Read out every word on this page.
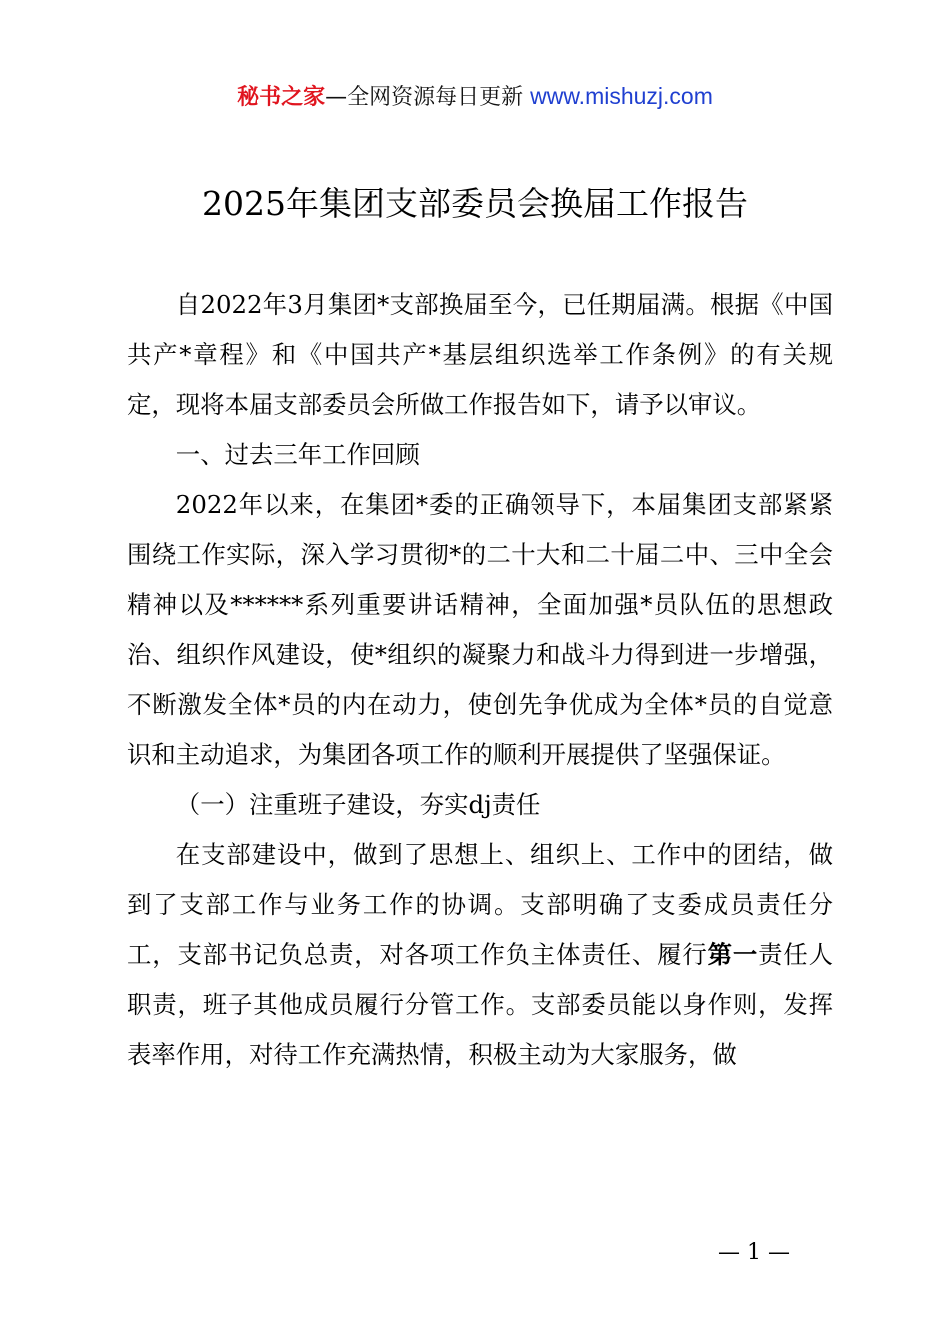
秘书之家—全网资源每日更新 www.mishuzj.com
2025年集团支部委员会换届工作报告

自2022年3月集团*支部换届至今，已任期届满。根据《中国共产*章程》和《中国共产*基层组织选举工作条例》的有关规定，现将本届支部委员会所做工作报告如下，请予以审议。

一、过去三年工作回顾

2022年以来，在集团*委的正确领导下，本届集团支部紧紧围绕工作实际，深入学习贯彻*的二十大和二十届二中、三中全会精神以及******系列重要讲话精神，全面加强*员队伍的思想政治、组织作风建设，使*组织的凝聚力和战斗力得到进一步增强，不断激发全体*员的内在动力，使创先争优成为全体*员的自觉意识和主动追求，为集团各项工作的顺利开展提供了坚强保证。

（一）注重班子建设，夯实dj责任

在支部建设中，做到了思想上、组织上、工作中的团结，做到了支部工作与业务工作的协调。支部明确了支委成员责任分工，支部书记负总责，对各项工作负主体责任、履行第一责任人职责，班子其他成员履行分管工作。支部委员能以身作则，发挥表率作用，对待工作充满热情，积极主动为大家服务，做

— 1 —
